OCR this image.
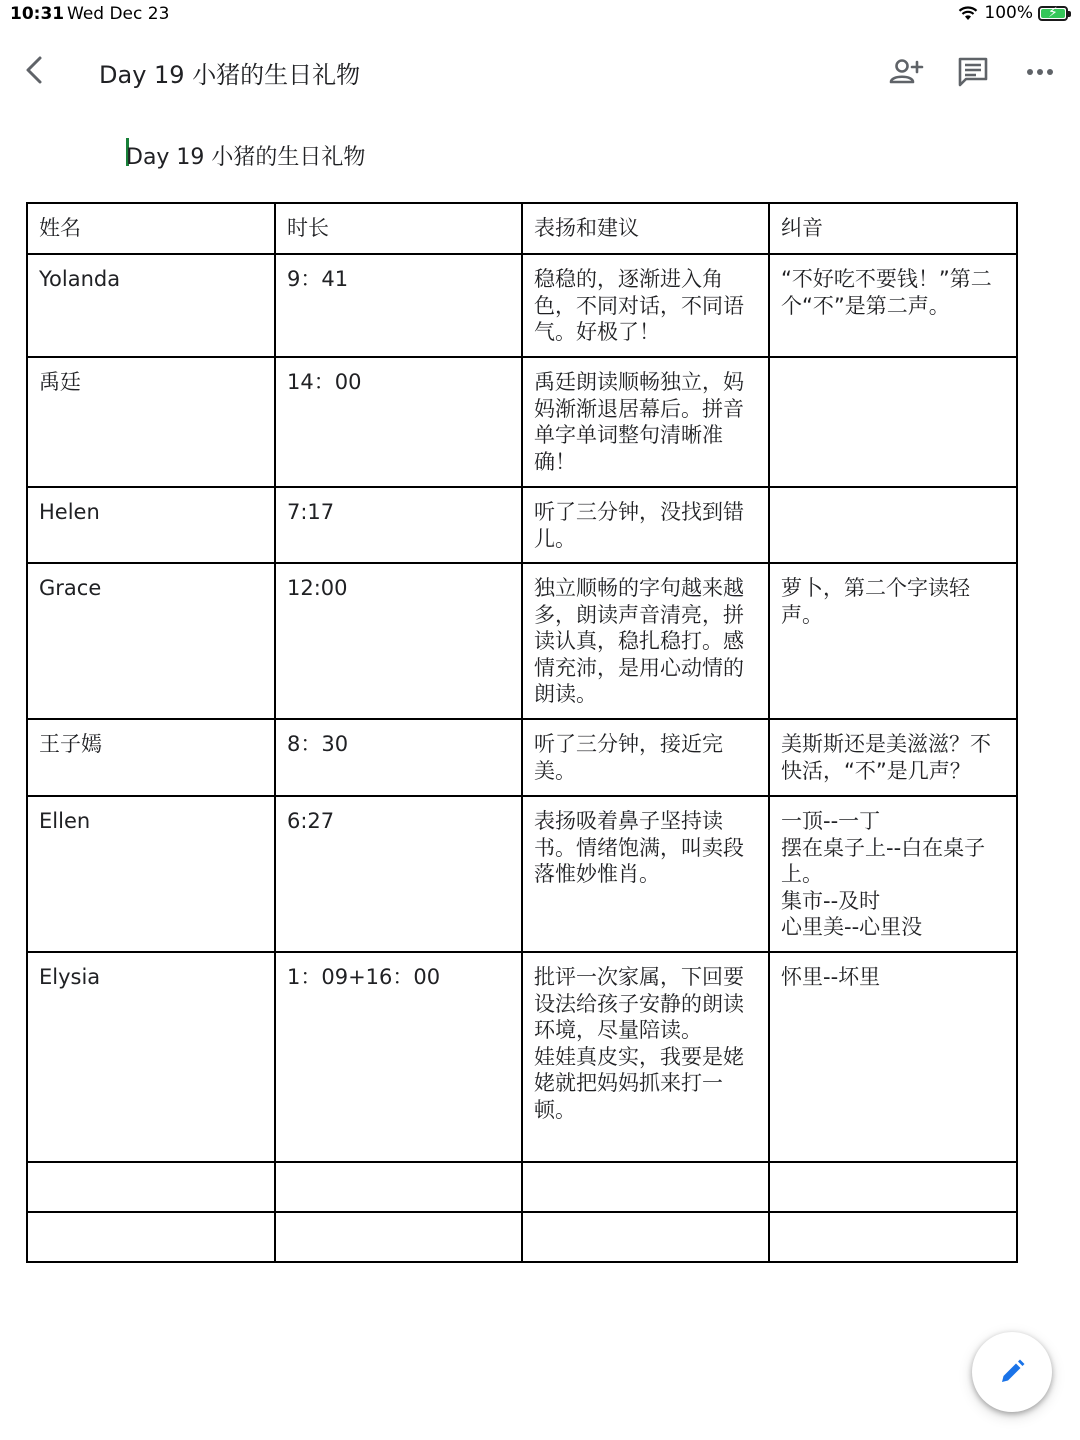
10:31 Wed Dec 23	100% ⚡
Day 19 小猪的生日礼物
Day 19 小猪的生日礼物
姓名	时长	表扬和建议	纠音
Yolanda	9：41	稳稳的，逐渐进入角色，不同对话，不同语气。好极了！	“不好吃不要钱！”第二个“不”是第二声。
禹廷	14：00	禹廷朗读顺畅独立，妈妈渐渐退居幕后。拼音单字单词整句清晰准确！	
Helen	7:17	听了三分钟，没找到错儿。	
Grace	12:00	独立顺畅的字句越来越多，朗读声音清亮，拼读认真，稳扎稳打。感情充沛，是用心动情的朗读。	萝卜，第二个字读轻声。
王子嫣	8：30	听了三分钟，接近完美。	美斯斯还是美滋滋？不快活，“不”是几声？
Ellen	6:27	表扬吸着鼻子坚持读书。情绪饱满，叫卖段落惟妙惟肖。	一顶--一丁
摆在桌子上--白在桌子上。
集市--及时
心里美--心里没
Elysia	1：09+16：00	批评一次家属，下回要设法给孩子安静的朗读环境，尽量陪读。
娃娃真皮实，我要是姥姥就把妈妈抓来打一顿。	怀里--坏里
